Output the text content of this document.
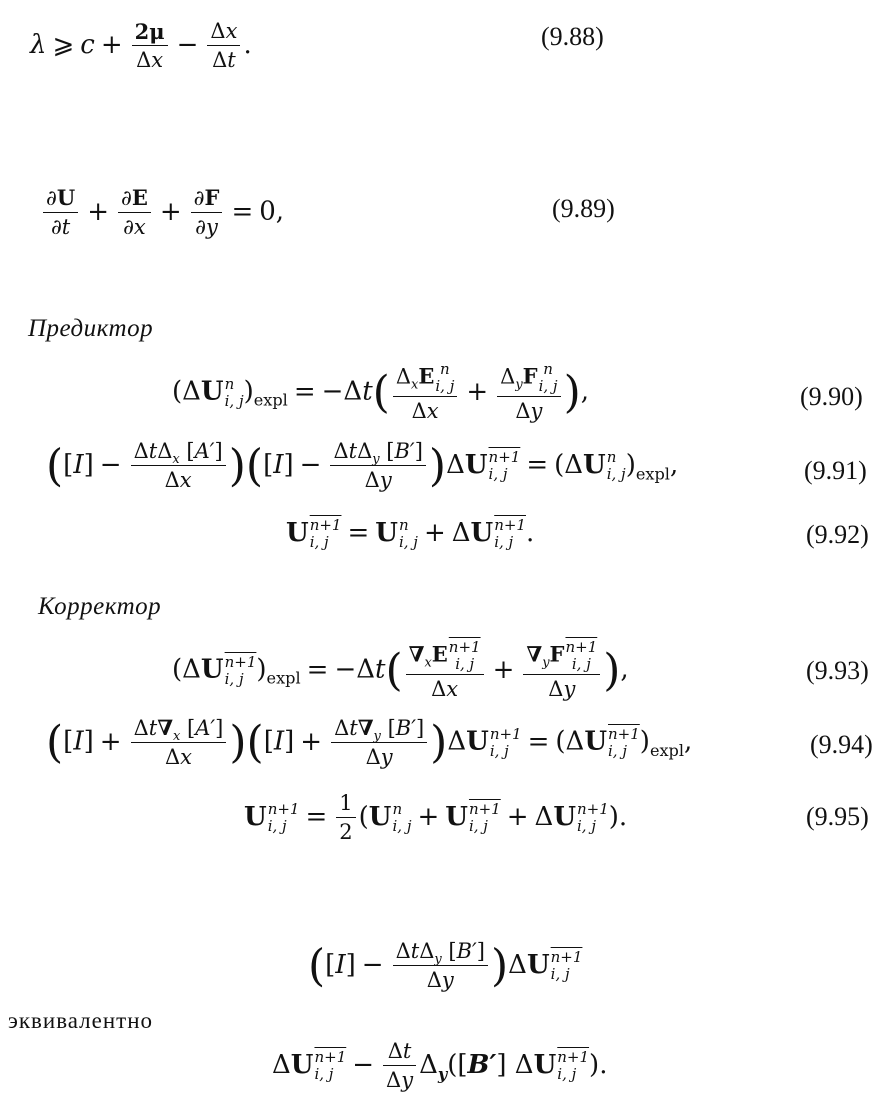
λ ⩾ $c + \frac{2\mu}{\Delta x} - \frac{\Delta x}{\Delta t}$ .	(9.88)
$\frac{\partial U}{\partial t} + \frac{\partial E}{\partial x} + \frac{\partial F}{\partial y} = 0$,	(9.89)
Предиктор
(ΔU n
i, j )$_{expl} = -\Delta t$( $\Delta_xE$ n
i, j
$\Delta x + \Delta_yF$ n
i, j
Δy ),	(9.90)
$([I] - \frac{\Delta t\Delta_x [A']}{\Delta x} )([I] - \frac{\Delta t\Delta_y [B']}{\Delta y} )\Delta U$ n+1
i, j = (ΔU n
i, j )$_{expl}$,	(9.91)
U n+1
i, j = U n
i, j + ΔU n+1
i, j .	(9.92)
Корректор
(ΔU n+1
i, j )$_{expl} = -\Delta t$( $\nabla_xE$ n+1
i, j
$\Delta x + \nabla_yF$ n+1
i, j
Δy ),	(9.93)
$([I] + \frac{\Delta t\nabla_x [A']}{\Delta x} )([I] + \frac{\Delta t\nabla_y [B']}{\Delta y} )\Delta U$ n+1
i, j = (ΔU n+1
i, j )$_{expl}$,	(9.94)
U n+1
i, $j = \frac{1}{2} (U$ n
i, j + U n+1
i, j + ΔU n+1
i, j ).	(9.95)
$([I] - \frac{\Delta t\Delta_y [B']}{\Delta y} )\Delta U$ n+1
i, j
эквивалентно
ΔU n+1
i, $j - \frac{\Delta t}{\Delta y} \Delta_y([B']$ ΔU n+1
i, j ).
